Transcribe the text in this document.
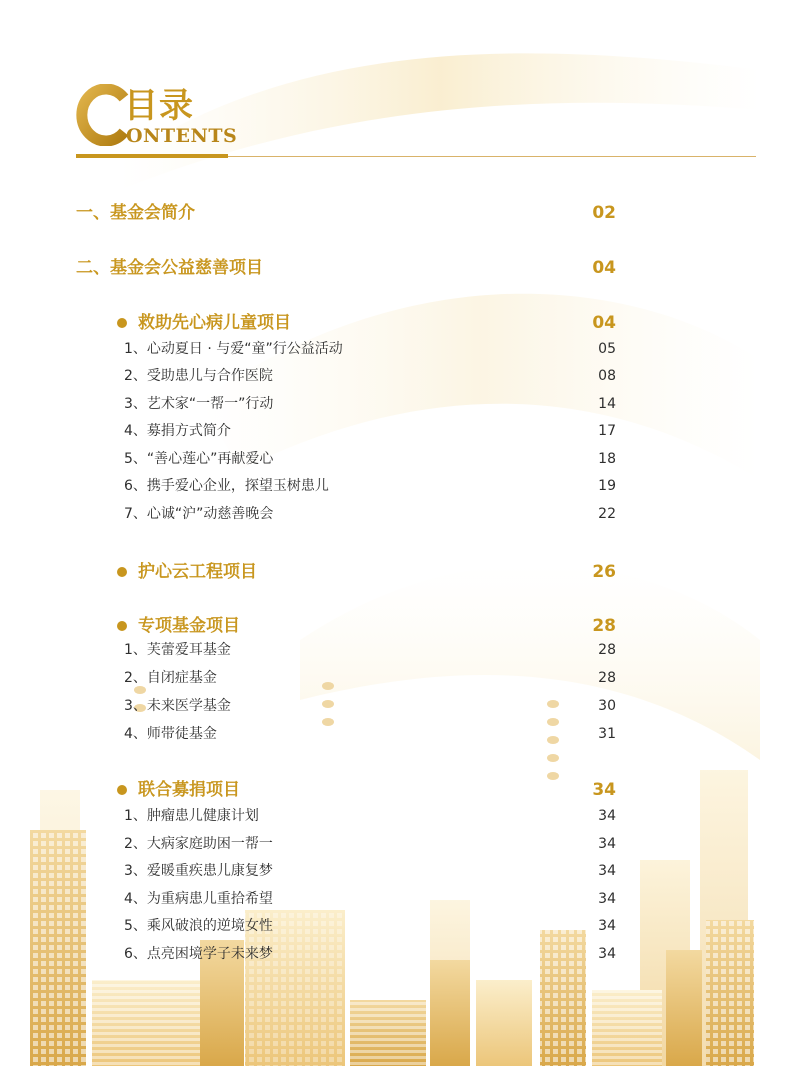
目录
ONTENTS
一、基金会简介	02
二、基金会公益慈善项目	04
救助先心病儿童项目	04
1、心动夏日 · 与爱“童”行公益活动	05
2、受助患儿与合作医院	08
3、艺术家“一帮一”行动	14
4、募捐方式简介	17
5、“善心莲心”再献爱心	18
6、携手爱心企业，探望玉树患儿	19
7、心诚“沪”动慈善晚会	22
护心云工程项目	26
专项基金项目	28
1、芙蕾爱耳基金	28
2、自闭症基金	28
3、未来医学基金	30
4、师带徒基金	31
联合募捐项目	34
1、肿瘤患儿健康计划	34
2、大病家庭助困一帮一	34
3、爱暖重疾患儿康复梦	34
4、为重病患儿重拾希望	34
5、乘风破浪的逆境女性	34
6、点亮困境学子未来梦	34
